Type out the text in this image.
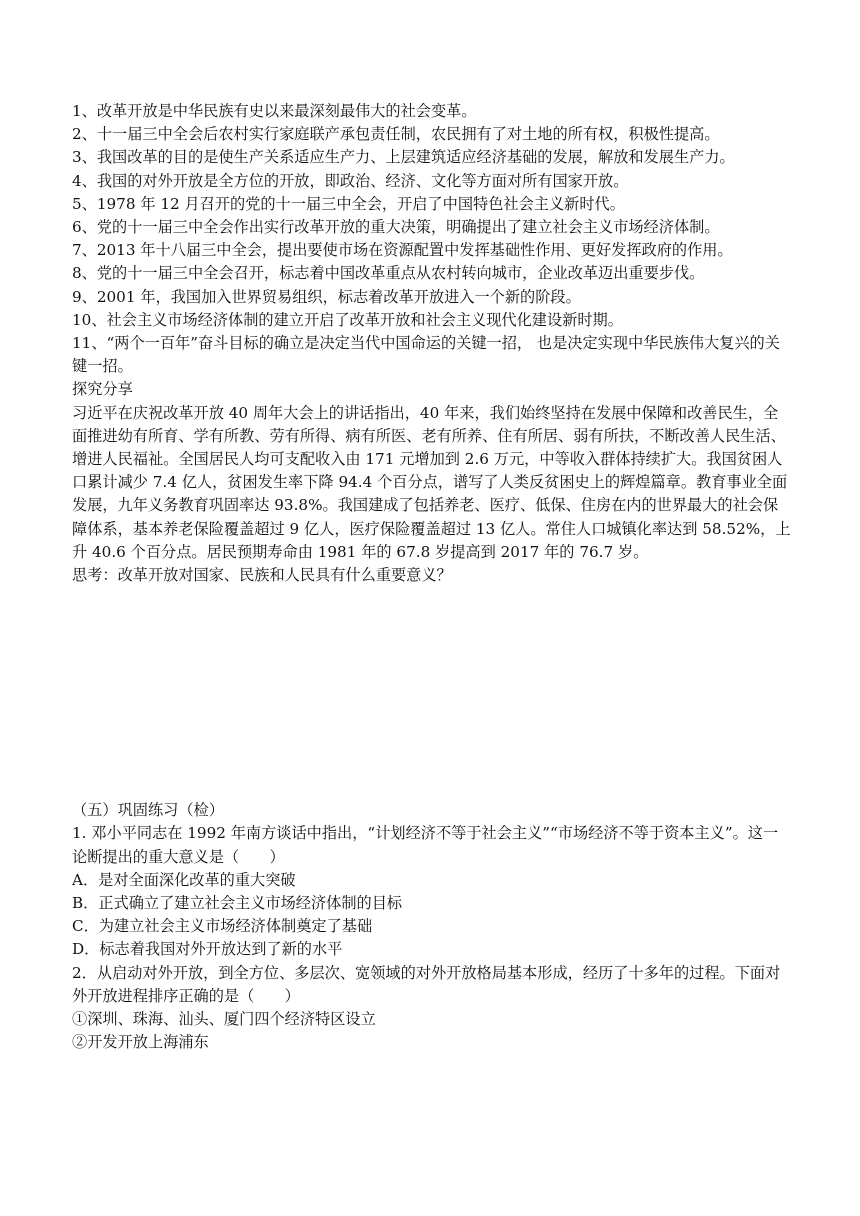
1、改革开放是中华民族有史以来最深刻最伟大的社会变革。

2、十一届三中全会后农村实行家庭联产承包责任制，农民拥有了对土地的所有权，积极性提高。

3、我国改革的目的是使生产关系适应生产力、上层建筑适应经济基础的发展，解放和发展生产力。

4、我国的对外开放是全方位的开放，即政治、经济、文化等方面对所有国家开放。

5、1978 年 12 月召开的党的十一届三中全会，开启了中国特色社会主义新时代。

6、党的十一届三中全会作出实行改革开放的重大决策，明确提出了建立社会主义市场经济体制。

7、2013 年十八届三中全会，提出要使市场在资源配置中发挥基础性作用、更好发挥政府的作用。

8、党的十一届三中全会召开，标志着中国改革重点从农村转向城市，企业改革迈出重要步伐。

9、2001 年，我国加入世界贸易组织，标志着改革开放进入一个新的阶段。

10、社会主义市场经济体制的建立开启了改革开放和社会主义现代化建设新时期。

11、“两个一百年”奋斗目标的确立是决定当代中国命运的关键一招， 也是决定实现中华民族伟大复兴的关键一招。

探究分享

习近平在庆祝改革开放 40 周年大会上的讲话指出，40 年来，我们始终坚持在发展中保障和改善民生，全面推进幼有所育、学有所教、劳有所得、病有所医、老有所养、住有所居、弱有所扶，不断改善人民生活、增进人民福祉。全国居民人均可支配收入由 171 元增加到 2.6 万元，中等收入群体持续扩大。我国贫困人口累计减少 7.4 亿人，贫困发生率下降 94.4 个百分点，谱写了人类反贫困史上的辉煌篇章。教育事业全面发展，九年义务教育巩固率达 93.8%。我国建成了包括养老、医疗、低保、住房在内的世界最大的社会保障体系，基本养老保险覆盖超过 9 亿人，医疗保险覆盖超过 13 亿人。常住人口城镇化率达到 58.52%，上升 40.6 个百分点。居民预期寿命由 1981 年的 67.8 岁提高到 2017 年的 76.7 岁。

思考：改革开放对国家、民族和人民具有什么重要意义？

（五）巩固练习（检）

1. 邓小平同志在 1992 年南方谈话中指出，“计划经济不等于社会主义”“市场经济不等于资本主义”。这一论断提出的重大意义是（　　）

A．是对全面深化改革的重大突破

B．正式确立了建立社会主义市场经济体制的目标

C．为建立社会主义市场经济体制奠定了基础

D．标志着我国对外开放达到了新的水平

2．从启动对外开放，到全方位、多层次、宽领域的对外开放格局基本形成，经历了十多年的过程。下面对外开放进程排序正确的是（　　）

①深圳、珠海、汕头、厦门四个经济特区设立

②开发开放上海浦东
